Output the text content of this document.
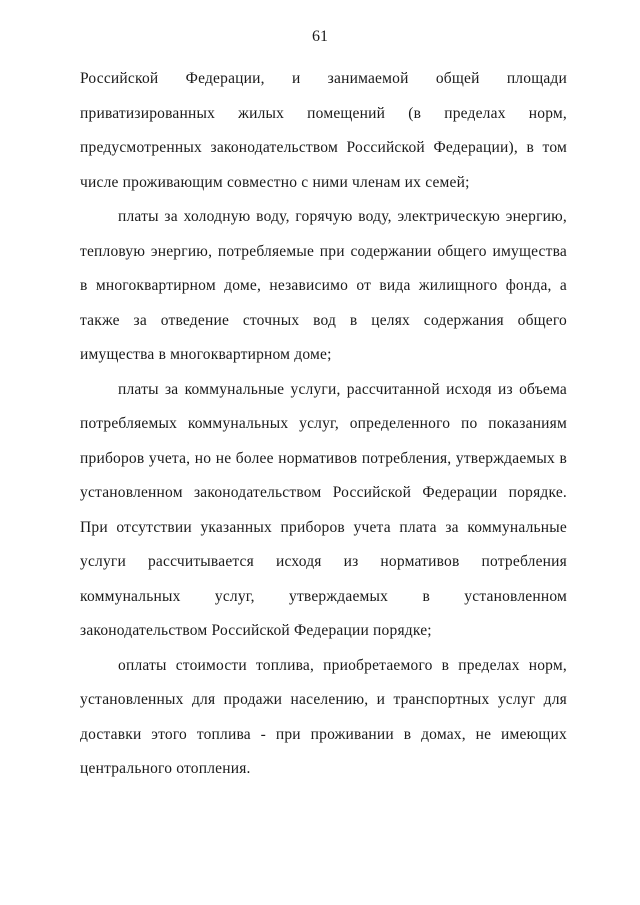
61

Российской Федерации, и занимаемой общей площади приватизированных жилых помещений (в пределах норм, предусмотренных законодательством Российской Федерации), в том числе проживающим совместно с ними членам их семей;

платы за холодную воду, горячую воду, электрическую энергию, тепловую энергию, потребляемые при содержании общего имущества в многоквартирном доме, независимо от вида жилищного фонда, а также за отведение сточных вод в целях содержания общего имущества в многоквартирном доме;

платы за коммунальные услуги, рассчитанной исходя из объема потребляемых коммунальных услуг, определенного по показаниям приборов учета, но не более нормативов потребления, утверждаемых в установленном законодательством Российской Федерации порядке. При отсутствии указанных приборов учета плата за коммунальные услуги рассчитывается исходя из нормативов потребления коммунальных услуг, утверждаемых в установленном законодательством Российской Федерации порядке;

оплаты стоимости топлива, приобретаемого в пределах норм, установленных для продажи населению, и транспортных услуг для доставки этого топлива - при проживании в домах, не имеющих центрального отопления.
